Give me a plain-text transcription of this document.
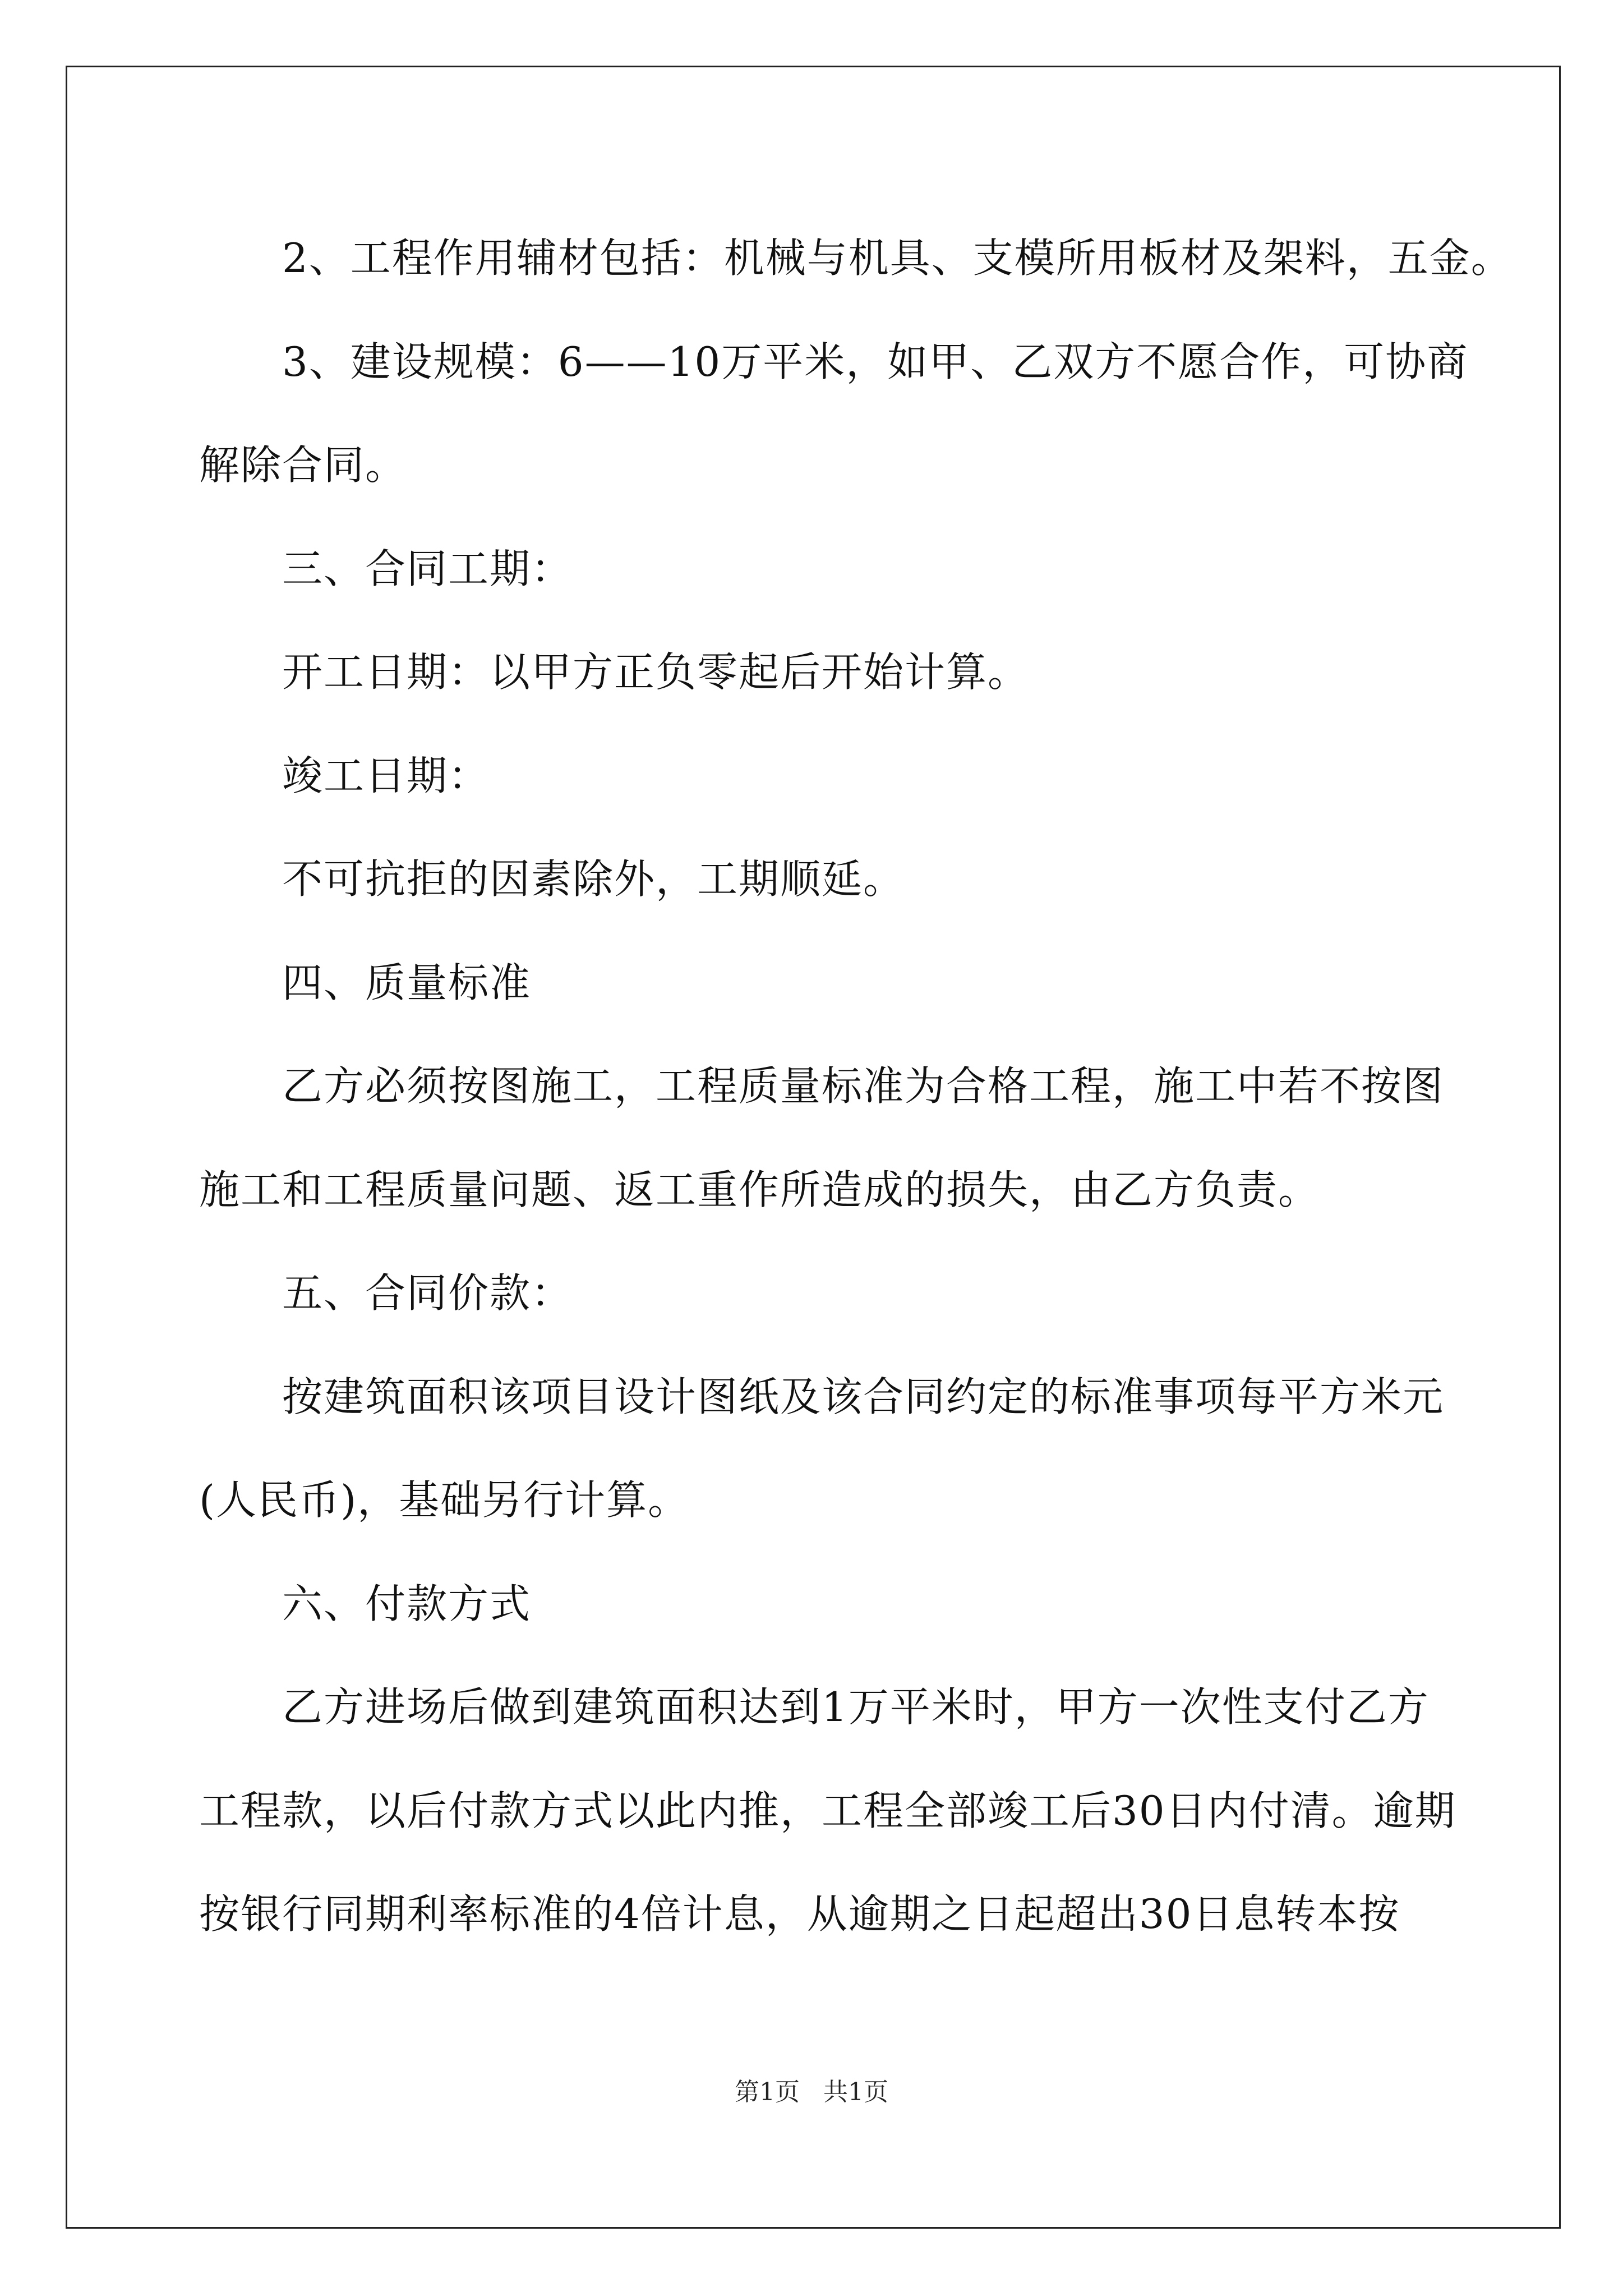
2、工程作用辅材包括：机械与机具、支模所用板材及架料，五金。
3、建设规模：6——10万平米，如甲、乙双方不愿合作，可协商
解除合同。
三、合同工期：
开工日期：以甲方正负零起后开始计算。
竣工日期：
不可抗拒的因素除外，工期顺延。
四、质量标准
乙方必须按图施工，工程质量标准为合格工程，施工中若不按图
施工和工程质量问题、返工重作所造成的损失，由乙方负责。
五、合同价款：
按建筑面积该项目设计图纸及该合同约定的标准事项每平方米元
(人民币)，基础另行计算。
六、付款方式
乙方进场后做到建筑面积达到1万平米时，甲方一次性支付乙方
工程款，以后付款方式以此内推，工程全部竣工后30日内付清。逾期
按银行同期利率标准的4倍计息，从逾期之日起超出30日息转本按
第1页 共1页
